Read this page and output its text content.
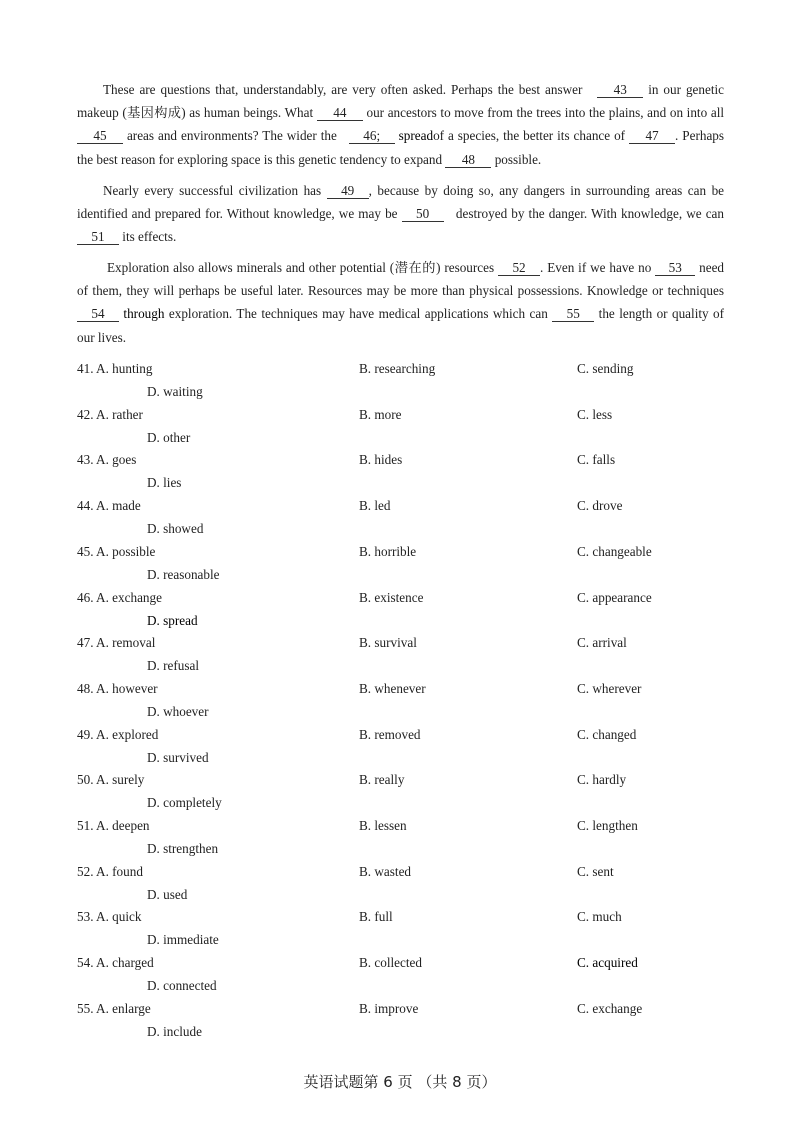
These are questions that, understandably, are very often asked. Perhaps the best answer 43 in our genetic makeup (基因构成) as human beings. What 44 our ancestors to move from the trees into the plains, and on into all 45 areas and environments? The wider the 46; spreadof a species, the better its chance of 47 . Perhaps the best reason for exploring space is this genetic tendency to expand 48 possible.
Nearly every successful civilization has 49 , because by doing so, any dangers in surrounding areas can be identified and prepared for. Without knowledge, we may be 50 destroyed by the danger. With knowledge, we can 51 its effects.
Exploration also allows minerals and other potential (潜在的) resources 52 . Even if we have no 53 need of them, they will perhaps be useful later. Resources may be more than physical possessions. Knowledge or techniques 54 through exploration. The techniques may have medical applications which can 55 the length or quality of our lives.
41. A. hunting	B. researching	C. sending
D. waiting
42. A. rather	B. more	C. less
D. other
43. A. goes	B. hides	C. falls
D. lies
44. A. made	B. led	C. drove
D. showed
45. A. possible	B. horrible	C. changeable
D. reasonable
46. A. exchange	B. existence	C. appearance
D. spread
47. A. removal	B. survival	C. arrival
D. refusal
48. A. however	B. whenever	C. wherever
D. whoever
49. A. explored	B. removed	C. changed
D. survived
50. A. surely	B. really	C. hardly
D. completely
51. A. deepen	B. lessen	C. lengthen
D. strengthen
52. A. found	B. wasted	C. sent
D. used
53. A. quick	B. full	C. much
D. immediate
54. A. charged	B. collected	C. acquired
D. connected
55. A. enlarge	B. improve	C. exchange
D. include
英语试题第 6 页 （共 8 页）
